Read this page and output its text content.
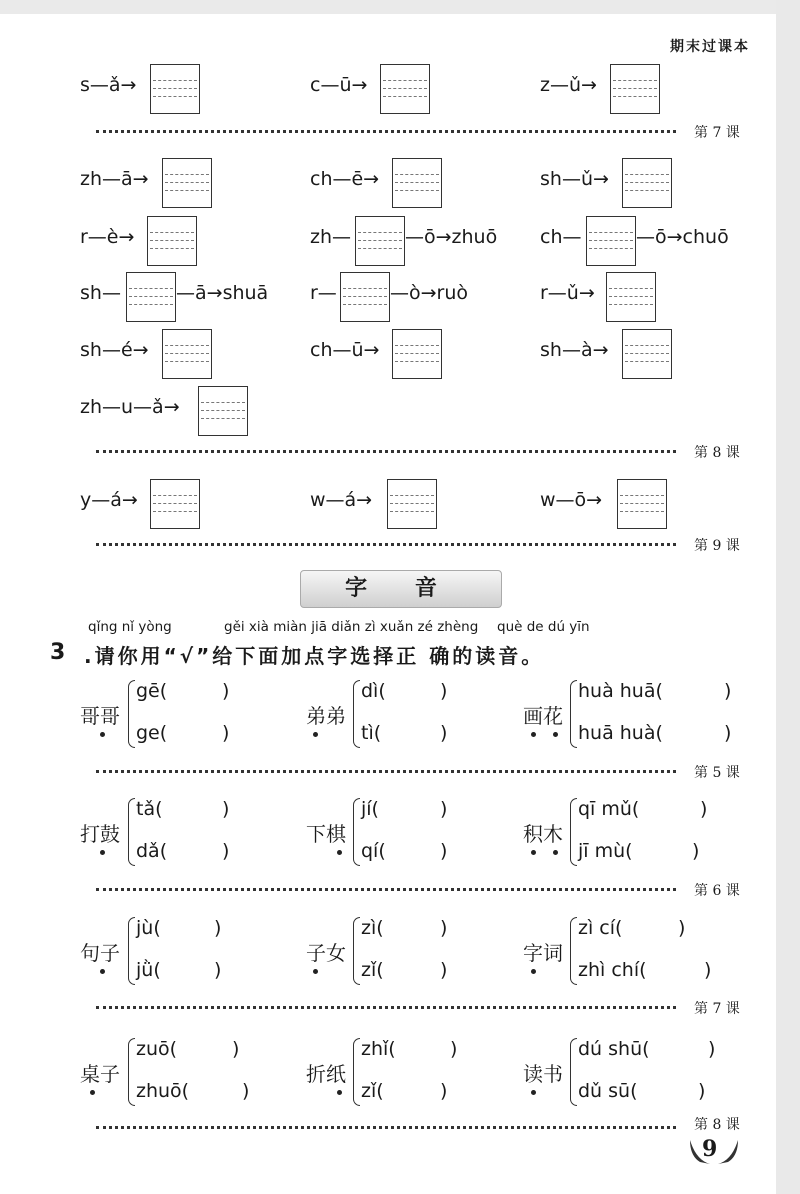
期末过课本
s—ǎ→	c—ū→	z—ǔ→
第 7 课
zh—ā→	ch—ē→	sh—ǔ→
r—è→	zh—	—ō→zhuō ch—	—ō→chuō
sh—	—ā→shuā r—	—ò→ruò	r—ǔ→
sh—é→	ch—ū→	sh—à→
zh—u—ǎ→
第 8 课
y—á→	w—á→	w—ō→
第 9 课
字 音
qǐng nǐ yòng	gěi xià miàn jiā diǎn zì xuǎn zé zhèng què de dú yīn
3 .请你用“√”给下面加点字选择正 确的读音。
哥哥
gē(	)
ge(	)
弟弟
dì(	)
tì(	)
画花
huà huā(	)
huā huà(	)
第 5 课
打鼓
tǎ(	)
dǎ(	)
下棋
jí(	)
qí(	)
积木
qī mǔ(	)
jī mù(	)
第 6 课
句子
jù(	)
jǜ(	)
子女
zì(	)
zǐ(	)
字词
zì cí(	)
zhì chí(	)
第 7 课
桌子
zuō(	)
zhuō(	)
折纸
zhǐ(	)
zǐ(	)
读书
dú shū(	)
dǔ sū(	)
第 8 课
9
